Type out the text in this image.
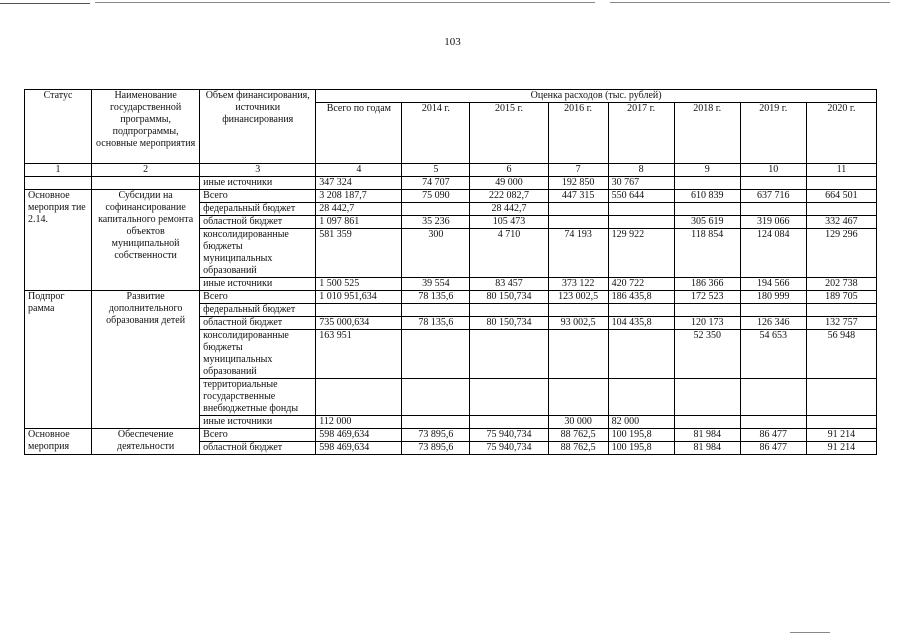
103
Статус	Наименование государственной программы, подпрограммы, основные мероприятия	Объем финансирования, источники финансирования	Оценка расходов (тыс. рублей)							
			Всего по годам	2014 г.	2015 г.	2016 г.	2017 г.	2018 г.	2019 г.	2020 г.
1	2	3	4	5	6	7	8	9	10	11
		иные источники	347 324	74 707	49 000	192 850	30 767			
Основное мероприя тие 2.14.	Субсидии на софинансирование капитального ремонта объектов муниципальной собственности	Всего	3 208 187,7	75 090	222 082,7	447 315	550 644	610 839	637 716	664 501
		федеральный бюджет	28 442,7		28 442,7					
		областной бюджет	1 097 861	35 236	105 473			305 619	319 066	332 467
		консолидированные бюджеты муниципальных образований	581 359	300	4 710	74 193	129 922	118 854	124 084	129 296
		иные источники	1 500 525	39 554	83 457	373 122	420 722	186 366	194 566	202 738
Подпрог рамма	Развитие дополнительного образования детей	Всего	1 010 951,634	78 135,6	80 150,734	123 002,5	186 435,8	172 523	180 999	189 705
		федеральный бюджет								
		областной бюджет	735 000,634	78 135,6	80 150,734	93 002,5	104 435,8	120 173	126 346	132 757
		консолидированные бюджеты муниципальных образований	163 951					52 350	54 653	56 948
		территориальные государственные внебюджетные фонды								
		иные источники	112 000			30 000	82 000			
Основное мероприя	Обеспечение деятельности	Всего	598 469,634	73 895,6	75 940,734	88 762,5	100 195,8	81 984	86 477	91 214
		областной бюджет	598 469,634	73 895,6	75 940,734	88 762,5	100 195,8	81 984	86 477	91 214
